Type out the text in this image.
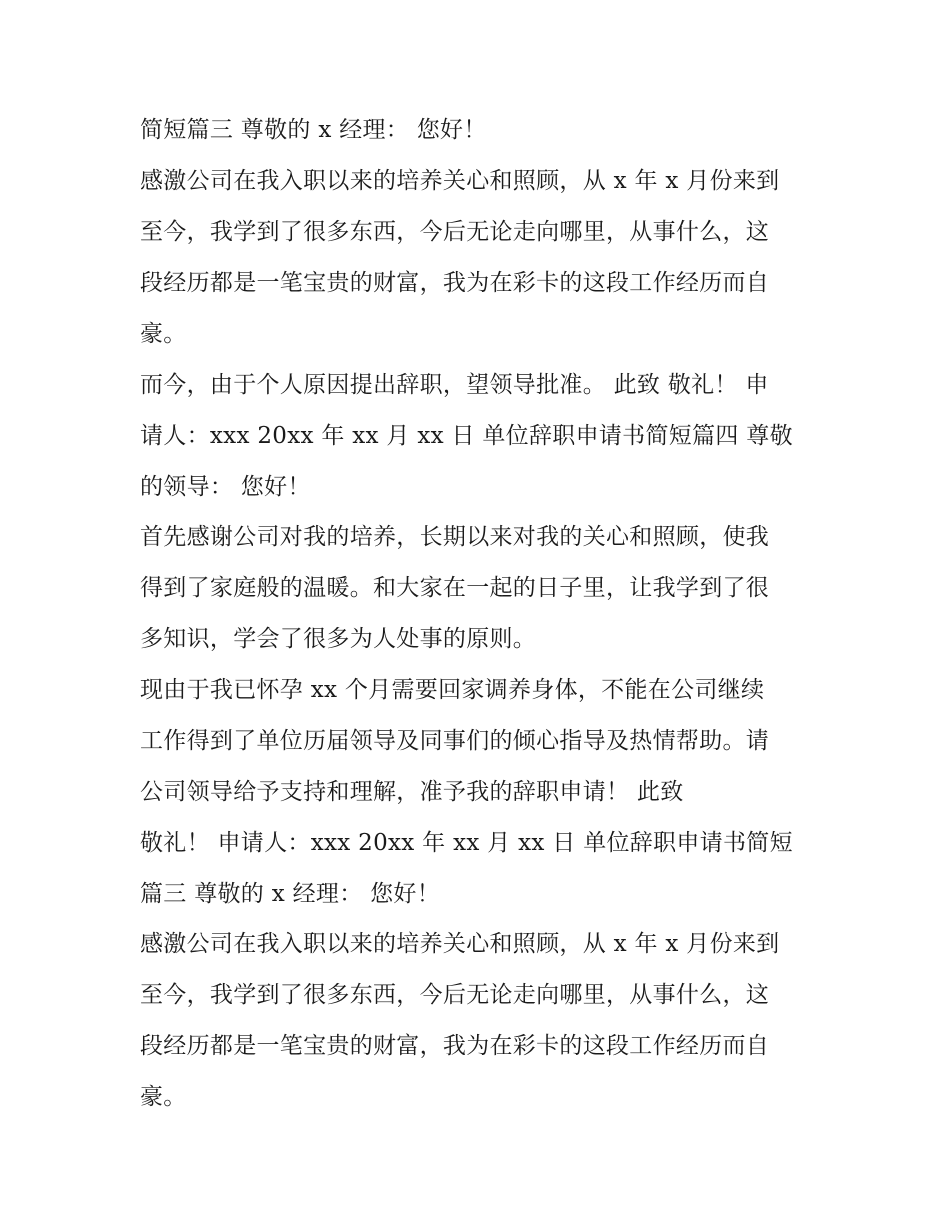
简短篇三 尊敬的 x 经理： 您好！

感激公司在我入职以来的培养关心和照顾，从 x 年 x 月份来到

至今，我学到了很多东西，今后无论走向哪里，从事什么，这

段经历都是一笔宝贵的财富，我为在彩卡的这段工作经历而自

豪。

而今，由于个人原因提出辞职，望领导批准。 此致 敬礼！ 申

请人：xxx 20xx 年 xx 月 xx 日 单位辞职申请书简短篇四 尊敬

的领导： 您好！

首先感谢公司对我的培养，长期以来对我的关心和照顾，使我

得到了家庭般的温暖。和大家在一起的日子里，让我学到了很

多知识，学会了很多为人处事的原则。

现由于我已怀孕 xx 个月需要回家调养身体，不能在公司继续

工作得到了单位历届领导及同事们的倾心指导及热情帮助。请

公司领导给予支持和理解，准予我的辞职申请！ 此致

敬礼！ 申请人：xxx 20xx 年 xx 月 xx 日 单位辞职申请书简短

篇三 尊敬的 x 经理： 您好！

感激公司在我入职以来的培养关心和照顾，从 x 年 x 月份来到

至今，我学到了很多东西，今后无论走向哪里，从事什么，这

段经历都是一笔宝贵的财富，我为在彩卡的这段工作经历而自

豪。
